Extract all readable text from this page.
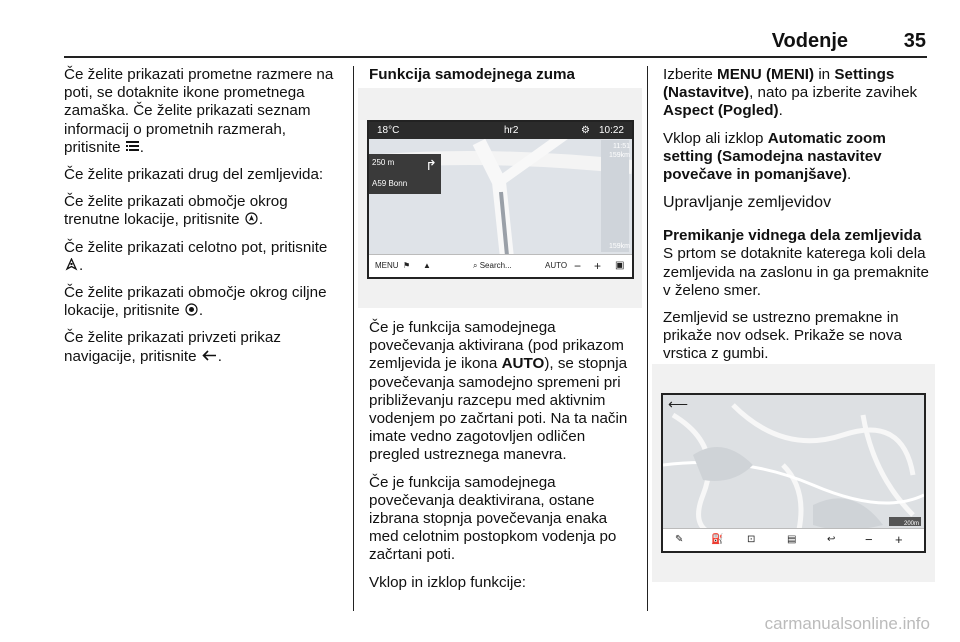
Vodenje	35

Če želite prikazati prometne razmere na poti, se dotaknite ikone prometnega zamaška. Če želite prikazati seznam informacij o prometnih razmerah, pritisnite .

Če želite prikazati drug del zemljevida:

Če želite prikazati območje okrog trenutne lokacije, pritisnite .

Če želite prikazati celotno pot, pritisnite .

Če želite prikazati območje okrog ciljne lokacije, pritisnite .

Če želite prikazati privzeti prikaz navigacije, pritisnite .

Funkcija samodejnega zuma
18°C	hr2	10:22
⚙
250 m
A59 Bonn
↱
11:51
159km
159km
MENU ⚑ ▲	⌕ Search...	AUTO − + ▣

Če je funkcija samodejnega povečevanja aktivirana (pod prikazom zemljevida je ikona AUTO), se stopnja povečevanja samodejno spremeni pri približevanju razcepu med aktivnim vodenjem po začrtani poti. Na ta način imate vedno zagotovljen odličen pregled ustreznega manevra.

Če je funkcija samodejnega povečevanja deaktivirana, ostane izbrana stopnja povečevanja enaka med celotnim postopkom vodenja po začrtani poti.

Vklop in izklop funkcije:

Izberite MENU (MENI) in Settings (Nastavitve), nato pa izberite zavihek Aspect (Pogled).

Vklop ali izklop Automatic zoom setting (Samodejna nastavitev povečave in pomanjšave).

Upravljanje zemljevidov
Premikanje vidnega dela zemljevida

S prtom se dotaknite katerega koli dela zemljevida na zaslonu in ga premaknite v želeno smer.

Zemljevid se ustrezno premakne in prikaže nov odsek. Prikaže se nova vrstica z gumbi.

⟵
200m
✎	⛽ ⊡	▤	↩ − +
carmanualsonline.info
